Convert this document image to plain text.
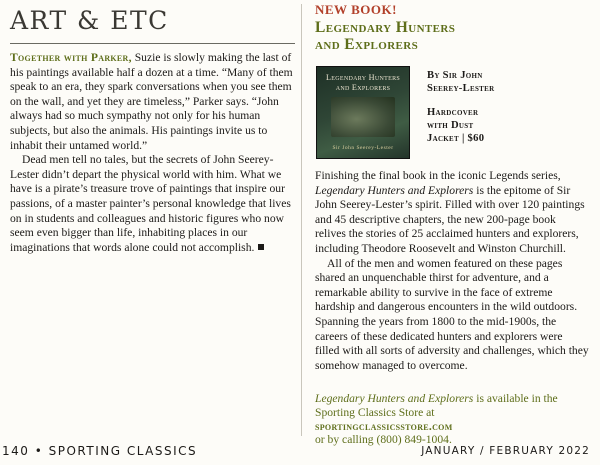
ART & ETC

Together with Parker, Suzie is slowly making the last of his paintings available half a dozen at a time. “Many of them speak to an era, they spark conversations when you see them on the wall, and yet they are timeless,” Parker says. “John always had so much sympathy not only for his human subjects, but also the animals. His paintings invite us to inhabit their untamed world.”

Dead men tell no tales, but the secrets of John Seerey-Lester didn’t depart the physical world with him. What we have is a pirate’s treasure trove of paintings that inspire our passions, of a master painter’s personal knowledge that lives on in students and colleagues and historic figures who now seem even bigger than life, inhabiting places in our imaginations that words alone could not accomplish.

NEW BOOK!
Legendary Hunters
and Explorers
Legendary Hunters
and Explorers
Sir John Seerey-Lester
By Sir John
Seerey-Lester
Hardcover
with Dust
Jacket | $60

Finishing the final book in the iconic Legends series, Legendary Hunters and Explorers is the epitome of Sir John Seerey-Lester’s spirit. Filled with over 120 paintings and 45 descriptive chapters, the new 200-page book relives the stories of 25 acclaimed hunters and explorers, including Theodore Roosevelt and Winston Churchill.

All of the men and women featured on these pages shared an unquenchable thirst for adventure, and a remarkable ability to survive in the face of extreme hardship and dangerous encounters in the wild outdoors. Spanning the years from 1800 to the mid-1900s, the careers of these dedicated hunters and explorers were filled with all sorts of adversity and challenges, which they somehow managed to overcome.

Legendary Hunters and Explorers is available in the Sporting Classics Store at
sportingclassicsstore.com
or by calling (800) 849-1004.
140 • SPORTING CLASSICS	JANUARY / FEBRUARY 2022
